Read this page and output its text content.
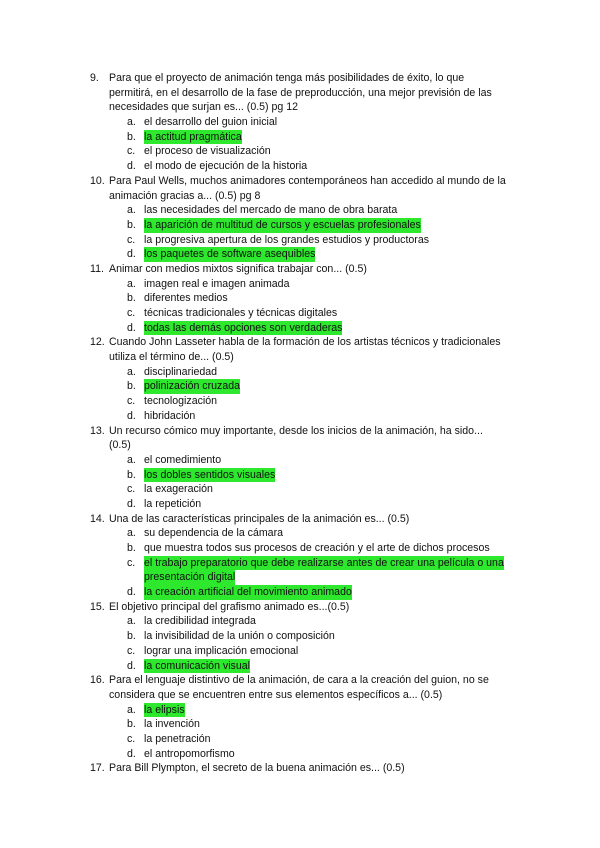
9. Para que el proyecto de animación tenga más posibilidades de éxito, lo que
permitirá, en el desarrollo de la fase de preproducción, una mejor previsión de las
necesidades que surjan es... (0.5) pg 12
a. el desarrollo del guion inicial
b. la actitud pragmática
c. el proceso de visualización
d. el modo de ejecución de la historia
10. Para Paul Wells, muchos animadores contemporáneos han accedido al mundo de la
animación gracias a... (0.5) pg 8
a. las necesidades del mercado de mano de obra barata
b. la aparición de multitud de cursos y escuelas profesionales
c. la progresiva apertura de los grandes estudios y productoras
d. los paquetes de software asequibles
11. Animar con medios mixtos significa trabajar con... (0.5)
a. imagen real e imagen animada
b. diferentes medios
c. técnicas tradicionales y técnicas digitales
d. todas las demás opciones son verdaderas
12. Cuando John Lasseter habla de la formación de los artistas técnicos y tradicionales
utiliza el término de... (0.5)
a. disciplinariedad
b. polinización cruzada
c. tecnologización
d. hibridación
13. Un recurso cómico muy importante, desde los inicios de la animación, ha sido...
(0.5)
a. el comedimiento
b. los dobles sentidos visuales
c. la exageración
d. la repetición
14. Una de las características principales de la animación es... (0.5)
a. su dependencia de la cámara
b. que muestra todos sus procesos de creación y el arte de dichos procesos
c. el trabajo preparatorio que debe realizarse antes de crear una película o una
presentación digital
d. la creación artificial del movimiento animado
15. El objetivo principal del grafismo animado es...(0.5)
a. la credibilidad integrada
b. la invisibilidad de la unión o composición
c. lograr una implicación emocional
d. la comunicación visual
16. Para el lenguaje distintivo de la animación, de cara a la creación del guion, no se
considera que se encuentren entre sus elementos específicos a... (0.5)
a. la elipsis
b. la invención
c. la penetración
d. el antropomorfismo
17. Para Bill Plympton, el secreto de la buena animación es... (0.5)
